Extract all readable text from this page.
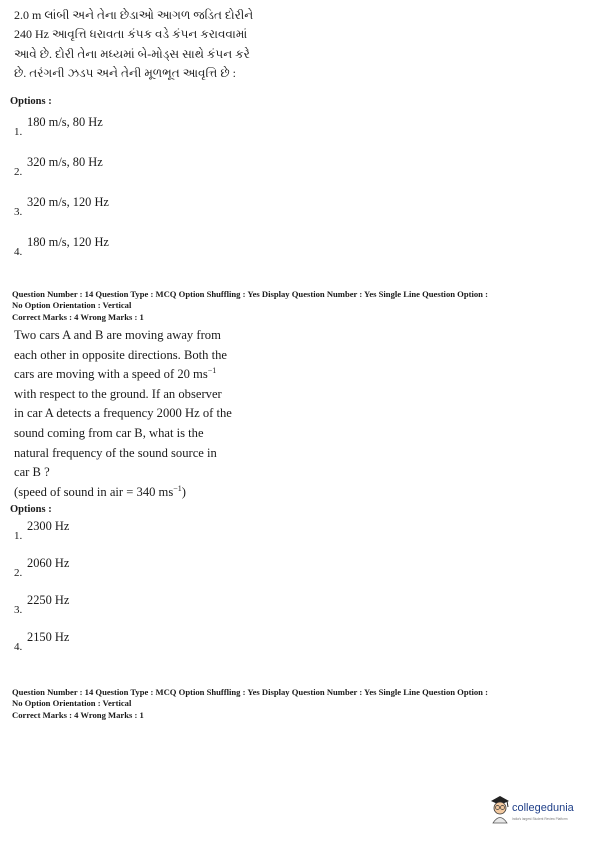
2.0 m લાંબી અને તેના છેડાઓ આગળ જડિત દોરીને

240 Hz આવૃત્તિ ધરાવતા કંપક વડે કંપન કરાવવામાં

આવે છે. દોરી તેના મધ્યમાં બે-મોડ્સ સાથે કંપન કરે

છે. તરંગની ઝડપ અને તેની મૂળભૂત આવૃત્તિ છે :

Options :
1.
180 m/s, 80 Hz
2.
320 m/s, 80 Hz
3.
320 m/s, 120 Hz
4.
180 m/s, 120 Hz
Question Number : 14 Question Type : MCQ Option Shuffling : Yes Display Question Number : Yes Single Line Question Option :
No Option Orientation : Vertical
Correct Marks : 4 Wrong Marks : 1

Two cars A and B are moving away from

each other in opposite directions. Both the

cars are moving with a speed of 20 $ms^{-1}$

with respect to the ground. If an observer

in car A detects a frequency 2000 Hz of the

sound coming from car B, what is the

natural frequency of the sound source in

car B ?

(speed of sound in air = 340 $ms^{-1}$)

Options :
1.
2300 Hz
2.
2060 Hz
3.
2250 Hz
4.
2150 Hz
Question Number : 14 Question Type : MCQ Option Shuffling : Yes Display Question Number : Yes Single Line Question Option :
No Option Orientation : Vertical
Correct Marks : 4 Wrong Marks : 1
collegedunia
India's largest Student Review Platform
